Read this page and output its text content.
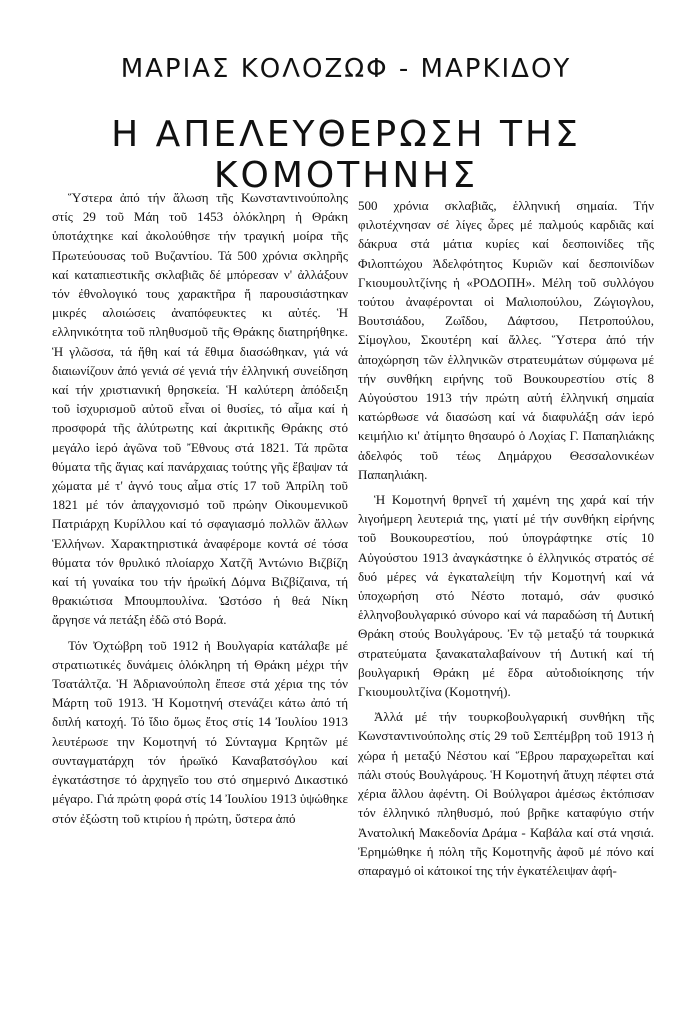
ΜΑΡΙΑΣ ΚΟΛΟΖΩΦ - ΜΑΡΚΙΔΟΥ
Η ΑΠΕΛΕΥΘΕΡΩΣΗ ΤΗΣ ΚΟΜΟΤΗΝΗΣ

Ὕστερα ἀπό τήν ἅλωση τῆς Κωνσταντινούπολης στίς 29 τοῦ Μάη τοῦ 1453 ὁλόκληρη ἡ Θράκη ὑποτάχτηκε καί ἀκολούθησε τήν τραγική μοίρα τῆς Πρωτεύουσας τοῦ Βυζαντίου. Τά 500 χρόνια σκληρῆς καί καταπιεστικῆς σκλαβιᾶς δέ μπόρεσαν ν' ἀλλάξουν τόν ἐθνολογικό τους χαρακτῆρα ἤ παρουσιάστηκαν μικρές αλοιώσεις ἀναπόφευκτες κι αὐτές. Ἡ ελληνικότητα τοῦ πληθυσμοῦ τῆς Θράκης διατηρήθηκε. Ἡ γλῶσσα, τά ἤθη καί τά ἔθιμα διασώθηκαν, γιά νά διαιωνίζουν ἀπό γενιά σέ γενιά τήν ἑλληνική συνείδηση καί τήν χριστιανική θρησκεία. Ἡ καλύτερη ἀπόδειξη τοῦ ἰσχυρισμοῦ αὐτοῦ εἶναι οἱ θυσίες, τό αἷμα καί ἡ προσφορά τῆς ἀλύτρωτης καί ἀκριτικῆς Θράκης στό μεγάλο ἱερό ἀγῶνα τοῦ Ἔθνους στά 1821. Τά πρῶτα θύματα τῆς ἅγιας καί πανάρχαιας τούτης γῆς ἔβαψαν τά χώματα μέ τ' ἁγνό τους αἷμα στίς 17 τοῦ Ἀπρίλη τοῦ 1821 μέ τόν ἀπαγχονισμό τοῦ πρώην Οἰκουμενικοῦ Πατριάρχη Κυρίλλου καί τό σφαγιασμό πολλῶν ἄλλων Ἑλλήνων. Χαρακτηριστικά ἀναφέρομε κοντά σέ τόσα θύματα τόν θρυλικό πλοίαρχο Χατζῆ Ἀντώνιο Βιζβίζη καί τή γυναίκα του τήν ἡρωϊκή Δόμνα Βιζβίζαινα, τή θρακιώτισα Μπουμπουλίνα. Ὡστόσο ἡ θεά Νίκη ἄργησε νά πετάξη ἐδῶ στό Βορά.

Τόν Ὀχτώβρη τοῦ 1912 ἡ Βουλγαρία κατάλαβε μέ στρατιωτικές δυνάμεις ὁλόκληρη τή Θράκη μέχρι τήν Τσατάλτζα. Ἡ Ἀδριανούπολη ἔπεσε στά χέρια της τόν Μάρτη τοῦ 1913. Ἡ Κομοτηνή στενάζει κάτω ἀπό τή διπλή κατοχή. Τό ἴδιο ὅμως ἔτος στίς 14 Ἰουλίου 1913 λευτέρωσε την Κομοτηνή τό Σύνταγμα Κρητῶν μέ συνταγματάρχη τόν ἡρωϊκό Καναβατσόγλου καί ἐγκατάστησε τό ἀρχηγεῖο του στό σημερινό Δικαστικό μέγαρο. Γιά πρώτη φορά στίς 14 Ἰουλίου 1913 ὑψώθηκε στόν ἐξώστη τοῦ κτιρίου ἡ πρώτη, ὕστερα ἀπό

500 χρόνια σκλαβιᾶς, ἑλληνική σημαία. Τήν φιλοτέχνησαν σέ λίγες ὧρες μέ παλμούς καρδιᾶς καί δάκρυα στά μάτια κυρίες καί δεσποινίδες τῆς Φιλοπτώχου Ἀδελφότητος Κυριῶν καί δεσποινίδων Γκιουμουλτζίνης ἡ «ΡΟΔΟΠΗ». Μέλη τοῦ συλλόγου τούτου ἀναφέρονται οἱ Μαλιοπούλου, Ζώγιογλου, Βουτσιάδου, Ζωΐδου, Δάφτσου, Πετροπούλου, Σίμογλου, Σκουτέρη καί ἄλλες. Ὕστερα ἀπό τήν ἀποχώρηση τῶν ἑλληνικῶν στρατευμάτων σύμφωνα μέ τήν συνθήκη ειρήνης τοῦ Βουκουρεστίου στίς 8 Αὐγούστου 1913 τήν πρώτη αὐτή ἑλληνική σημαία κατώρθωσε νά διασώση καί νά διαφυλάξη σάν ἱερό κειμήλιο κι' ἀτίμητο θησαυρό ὁ Λοχίας Γ. Παπαηλιάκης ἀδελφός τοῦ τέως Δημάρχου Θεσσαλονικέων Παπαηλιάκη.

Ἡ Κομοτηνή θρηνεῖ τή χαμένη της χαρά καί τήν λιγοήμερη λευτεριά της, γιατί μέ τήν συνθήκη εἰρήνης τοῦ Βουκουρεστίου, πού ὑπογράφτηκε στίς 10 Αὐγούστου 1913 ἀναγκάστηκε ὁ ἑλληνικός στρατός σέ δυό μέρες νά ἐγκαταλείψη τήν Κομοτηνή καί νά ὑποχωρήση στό Νέστο ποταμό, σάν φυσικό ἑλληνοβουλγαρικό σύνορο καί νά παραδώση τή Δυτική Θράκη στούς Βουλγάρους. Ἐν τῷ μεταξύ τά τουρκικά στρατεύματα ξανακαταλαβαίνουν τή Δυτική καί τή βουλγαρική Θράκη μέ ἕδρα αὐτοδιοίκησης τήν Γκιουμουλτζίνα (Κομοτηνή).

Ἀλλά μέ τήν τουρκοβουλγαρική συνθήκη τῆς Κωνσταντινούπολης στίς 29 τοῦ Σεπτέμβρη τοῦ 1913 ἡ χώρα ἡ μεταξύ Νέστου καί Ἕβρου παραχωρεῖται καί πάλι στούς Βουλγάρους. Ἡ Κομοτηνή ἄτυχη πέφτει στά χέρια ἄλλου ἀφέντη. Οἱ Βούλγαροι ἀμέσως ἐκτόπισαν τόν ἑλληνικό πληθυσμό, πού βρῆκε καταφύγιο στήν Ἀνατολική Μακεδονία Δράμα - Καβάλα καί στά νησιά. Ἐρημώθηκε ἡ πόλη τῆς Κομοτηνῆς ἀφοῦ μέ πόνο καί σπαραγμό οἱ κάτοικοί της τήν ἐγκατέλειψαν ἀφή-
